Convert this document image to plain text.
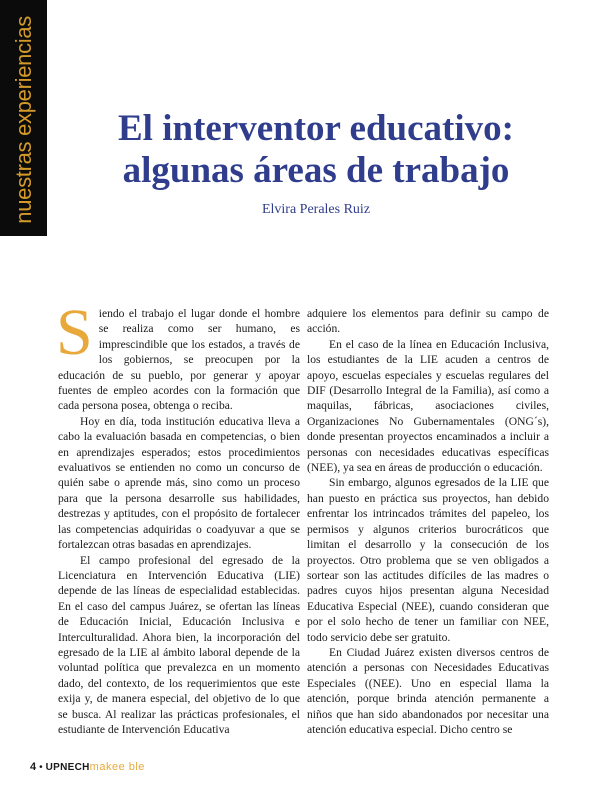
nuestras experiencias	El interventor educativo:
algunas áreas de trabajo
Elvira Perales Ruiz

Siendo el trabajo el lugar donde el hombre se realiza como ser humano, es imprescindible que los estados, a través de los gobiernos, se preocupen por la educación de su pueblo, por generar y apoyar fuentes de empleo acordes con la formación que cada persona posea, obtenga o reciba.

Hoy en día, toda institución educativa lleva a cabo la evaluación basada en competencias, o bien en aprendizajes esperados; estos procedimientos evaluativos se entienden no como un concurso de quién sabe o aprende más, sino como un proceso para que la persona desarrolle sus habilidades, destrezas y aptitudes, con el propósito de fortalecer las competencias adquiridas o coadyuvar a que se fortalezcan otras basadas en aprendizajes.

El campo profesional del egresado de la Licenciatura en Intervención Educativa (LIE) depende de las líneas de especialidad establecidas. En el caso del campus Juárez, se ofertan las líneas de Educación Inicial, Educación Inclusiva e Interculturalidad. Ahora bien, la incorporación del egresado de la LIE al ámbito laboral depende de la voluntad política que prevalezca en un momento dado, del contexto, de los requerimientos que este exija y, de manera especial, del objetivo de lo que se busca. Al realizar las prácticas profesionales, el estudiante de Intervención Educativa

adquiere los elementos para definir su campo de acción.

En el caso de la línea en Educación Inclusiva, los estudiantes de la LIE acuden a centros de apoyo, escuelas especiales y escuelas regulares del DIF (Desarrollo Integral de la Familia), así como a maquilas, fábricas, asociaciones civiles, Organizaciones No Gubernamentales (ONG´s), donde presentan proyectos encaminados a incluir a personas con necesidades educativas específicas (NEE), ya sea en áreas de producción o educación.

Sin embargo, algunos egresados de la LIE que han puesto en práctica sus proyectos, han debido enfrentar los intrincados trámites del papeleo, los permisos y algunos criterios burocráticos que limitan el desarrollo y la consecución de los proyectos. Otro problema que se ven obligados a sortear son las actitudes difíciles de las madres o padres cuyos hijos presentan alguna Necesidad Educativa Especial (NEE), cuando consideran que por el solo hecho de tener un familiar con NEE, todo servicio debe ser gratuito.

En Ciudad Juárez existen diversos centros de atención a personas con Necesidades Educativas Especiales ((NEE). Uno en especial llama la atención, porque brinda atención permanente a niños que han sido abandonados por necesitar una atención educativa especial. Dicho centro se

4 • UPNECH makee ble
